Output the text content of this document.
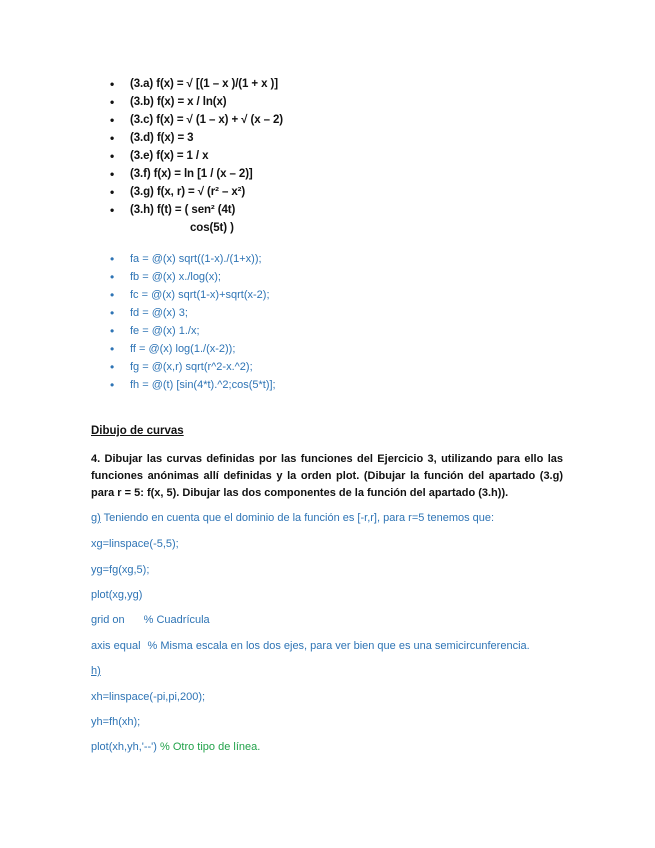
•	(3.a) f(x) = √ [(1 – x )/(1 + x )]
•	(3.b) f(x) = x / ln(x)
•	(3.c) f(x) = √ (1 – x) + √ (x – 2)
•	(3.d) f(x) = 3
•	(3.e) f(x) = 1 / x
•	(3.f) f(x) = ln [1 / (x – 2)]
•	(3.g) f(x, r) = √ (r² – x²)
•	(3.h) f(t) = ( sen² (4t)
cos(5t) )
•	fa = @(x) sqrt((1-x)./(1+x));
•	fb = @(x) x./log(x);
•	fc = @(x) sqrt(1-x)+sqrt(x-2);
•	fd = @(x) 3;
•	fe = @(x) 1./x;
•	ff = @(x) log(1./(x-2));
•	fg = @(x,r) sqrt(r^2-x.^2);
•	fh = @(t) [sin(4*t).^2;cos(5*t)];
Dibujo de curvas
4. Dibujar las curvas definidas por las funciones del Ejercicio 3, utilizando para ello las
funciones anónimas allí definidas y la orden plot. (Dibujar la función del apartado (3.g)
para r = 5: f(x, 5). Dibujar las dos componentes de la función del apartado (3.h)).
g) Teniendo en cuenta que el dominio de la función es [-r,r], para r=5 tenemos que:
xg=linspace(-5,5);
yg=fg(xg,5);
plot(xg,yg)
grid on % Cuadrícula
axis equal % Misma escala en los dos ejes, para ver bien que es una semicircunferencia.
h)
xh=linspace(-pi,pi,200);
yh=fh(xh);
plot(xh,yh,'--') % Otro tipo de línea.
